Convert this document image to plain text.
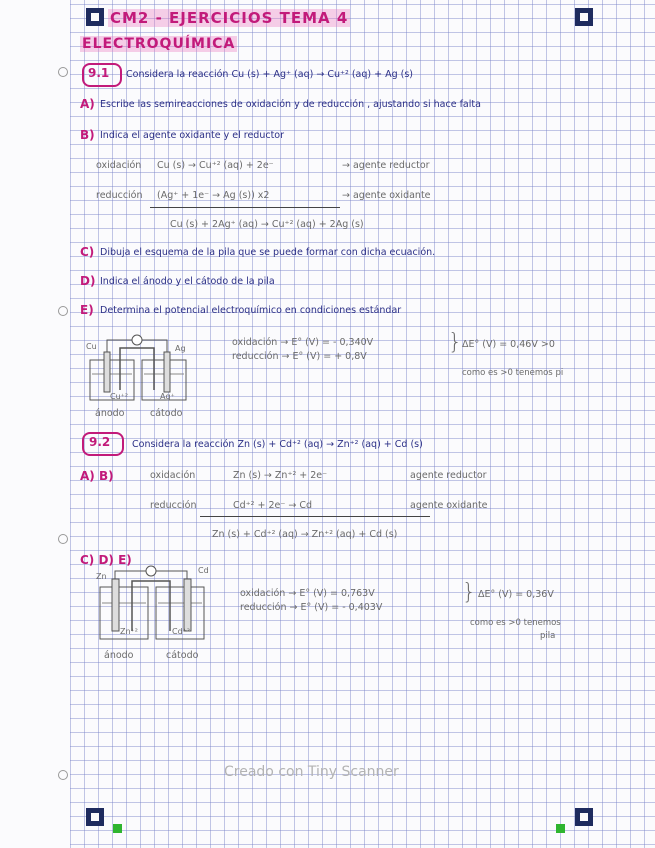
CM2 - EJERCICIOS TEMA 4
ELECTROQUÍMICA
9.1 Considera la reacción Cu (s) + Ag⁺ (aq) → Cu⁺² (aq) + Ag (s)
A) Escribe las semireacciones de oxidación y de reducción , ajustando si hace falta
B) Indica el agente oxidante y el reductor
oxidación Cu (s) → Cu⁺² (aq) + 2e⁻	→ agente reductor
reducción (Ag⁺ + 1e⁻ → Ag (s)) x2	→ agente oxidante
Cu (s) + 2Ag⁺ (aq) → Cu⁺² (aq) + 2Ag (s)
C) Dibuja el esquema de la pila que se puede formar con dicha ecuación.
D) Indica el ánodo y el cátodo de la pila
E) Determina el potencial electroquímico en condiciones estándar
Cu	Ag
Cu⁺²	Ag⁺
ánodo	cátodo
oxidación → E° (V) = - 0,340V
reducción → E° (V) = + 0,8V
} ΔE° (V) = 0,46V >0
como es >0 tenemos pi
9.2 Considera la reacción Zn (s) + Cd⁺² (aq) → Zn⁺² (aq) + Cd (s)
A) B)	oxidación	Zn (s) → Zn⁺² + 2e⁻	agente reductor
reducción	Cd⁺² + 2e⁻ → Cd	agente oxidante
Zn (s) + Cd⁺² (aq) → Zn⁺² (aq) + Cd (s)
C) D) E)
Zn
Cd
Zn⁺²	Cd⁺²
ánodo	cátodo
oxidación → E° (V) = 0,763V
reducción → E° (V) = - 0,403V
} ΔE° (V) = 0,36V
como es >0 tenemos
pila
Creado con Tiny Scanner
